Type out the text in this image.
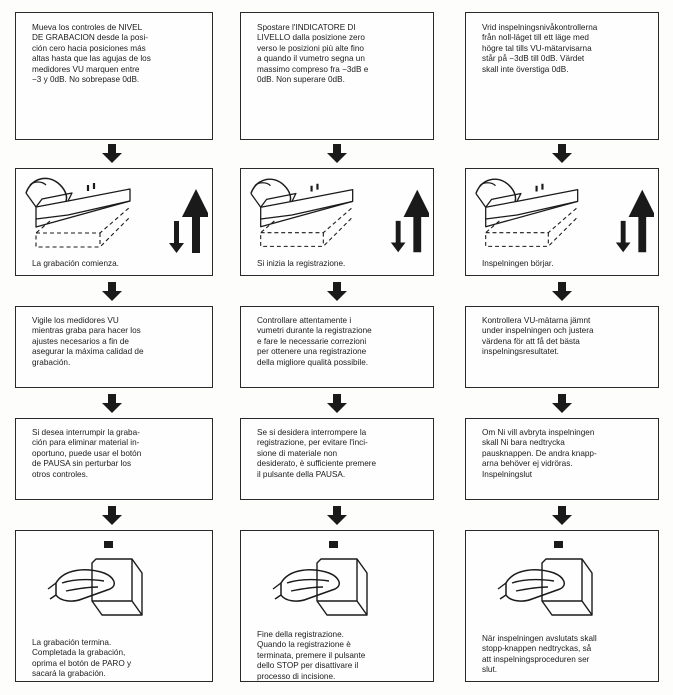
Mueva los controles de NIVEL
DE GRABACION desde la posi-
ción cero hacia posiciones más
altas hasta que las agujas de los
medidores VU marquen entre
−3 y 0dB. No sobrepase 0dB.
La grabación comienza.
Vigile los medidores VU
mientras graba para hacer los
ajustes necesarios a fin de
asegurar la máxima calidad de
grabación.
Si desea interrumpir la graba-
ción para eliminar material in-
oportuno, puede usar el botón
de PAUSA sin perturbar los
otros controles.
La grabación termina.
Completada la grabación,
oprima el botón de PARO y
sacará la grabación.
Spostare l'INDICATORE DI
LIVELLO dalla posizione zero
verso le posizioni più alte fino
a quando il vumetro segna un
massimo compreso fra −3dB e
0dB. Non superare 0dB.
Si inizia la registrazione.
Controllare attentamente i
vumetri durante la registrazione
e fare le necessarie correzioni
per ottenere una registrazione
della migliore qualità possibile.
Se si desidera interrompere la
registrazione, per evitare l'inci-
sione di materiale non
desiderato, è sufficiente premere
il pulsante della PAUSA.
Fine della registrazione.
Quando la registrazione è
terminata, premere il pulsante
dello STOP per disattivare il
processo di incisione.
Vrid inspelningsnivåkontrollerna
från noll-läget till ett läge med
högre tal tills VU-mätarvisarna
står på −3dB till 0dB. Värdet
skall inte överstiga 0dB.
Inspelningen börjar.
Kontrollera VU-mätarna jämnt
under inspelningen och justera
värdena för att få det bästa
inspelningsresultatet.
Om Ni vill avbryta inspelningen
skall Ni bara nedtrycka
pausknappen. De andra knapp-
arna behöver ej vidröras.
Inspelningslut
När inspelningen avslutats skall
stopp-knappen nedtryckas, så
att inspelningsproceduren ser
slut.
